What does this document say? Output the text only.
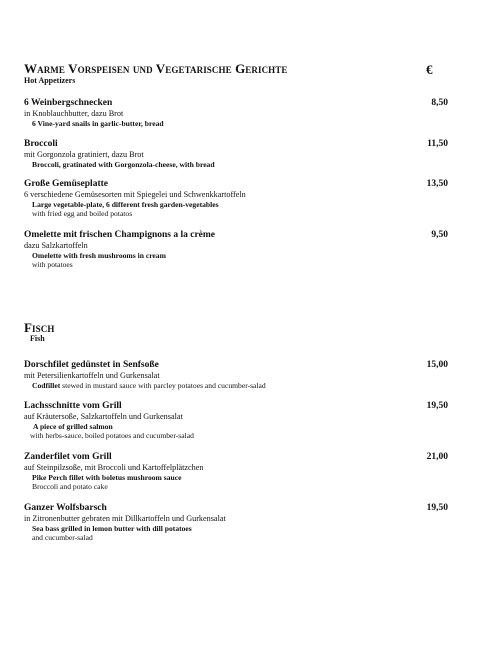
Warme Vorspeisen und Vegetarische Gerichte
Hot Appetizers
€
6 Weinbergschnecken	8,50
in Knoblauchbutter, dazu Brot
6 Vine-yard snails in garlic-butter, bread
Broccoli	11,50
mit Gorgonzola gratiniert, dazu Brot
Broccoli, gratinated with Gorgonzola-cheese, with bread
Große Gemüseplatte	13,50
6 verschiedene Gemüsesorten mit Spiegelei und Schwenkkartoffeln
Large vegetable-plate, 6 different fresh garden-vegetables
with fried egg and boiled potatos
Omelette mit frischen Champignons a la crème	9,50
dazu Salzkartoffeln
Omelette with fresh mushrooms in cream
with potatoes
Fisch
Fish
Dorschfilet gedünstet in Senfsoße	15,00
mit Petersilienkartoffeln und Gurkensalat
Codfillet stewed in mustard sauce with parcley potatoes and cucumber-salad
Lachsschnitte vom Grill	19,50
auf Kräutersoße, Salzkartoffeln und Gurkensalat
A piece of grilled salmon
with herbs-sauce, boiled potatoes and cucumber-salad
Zanderfilet vom Grill	21,00
auf Steinpilzsoße, mit Broccoli und Kartoffelplätzchen
Pike Perch fillet with boletus mushroom sauce
Broccoli and potato cake
Ganzer Wolfsbarsch	19,50
in Zitronenbutter gebraten mit Dillkartoffeln und Gurkensalat
Sea bass grilled in lemon butter with dill potatoes
and cucumber-salad
